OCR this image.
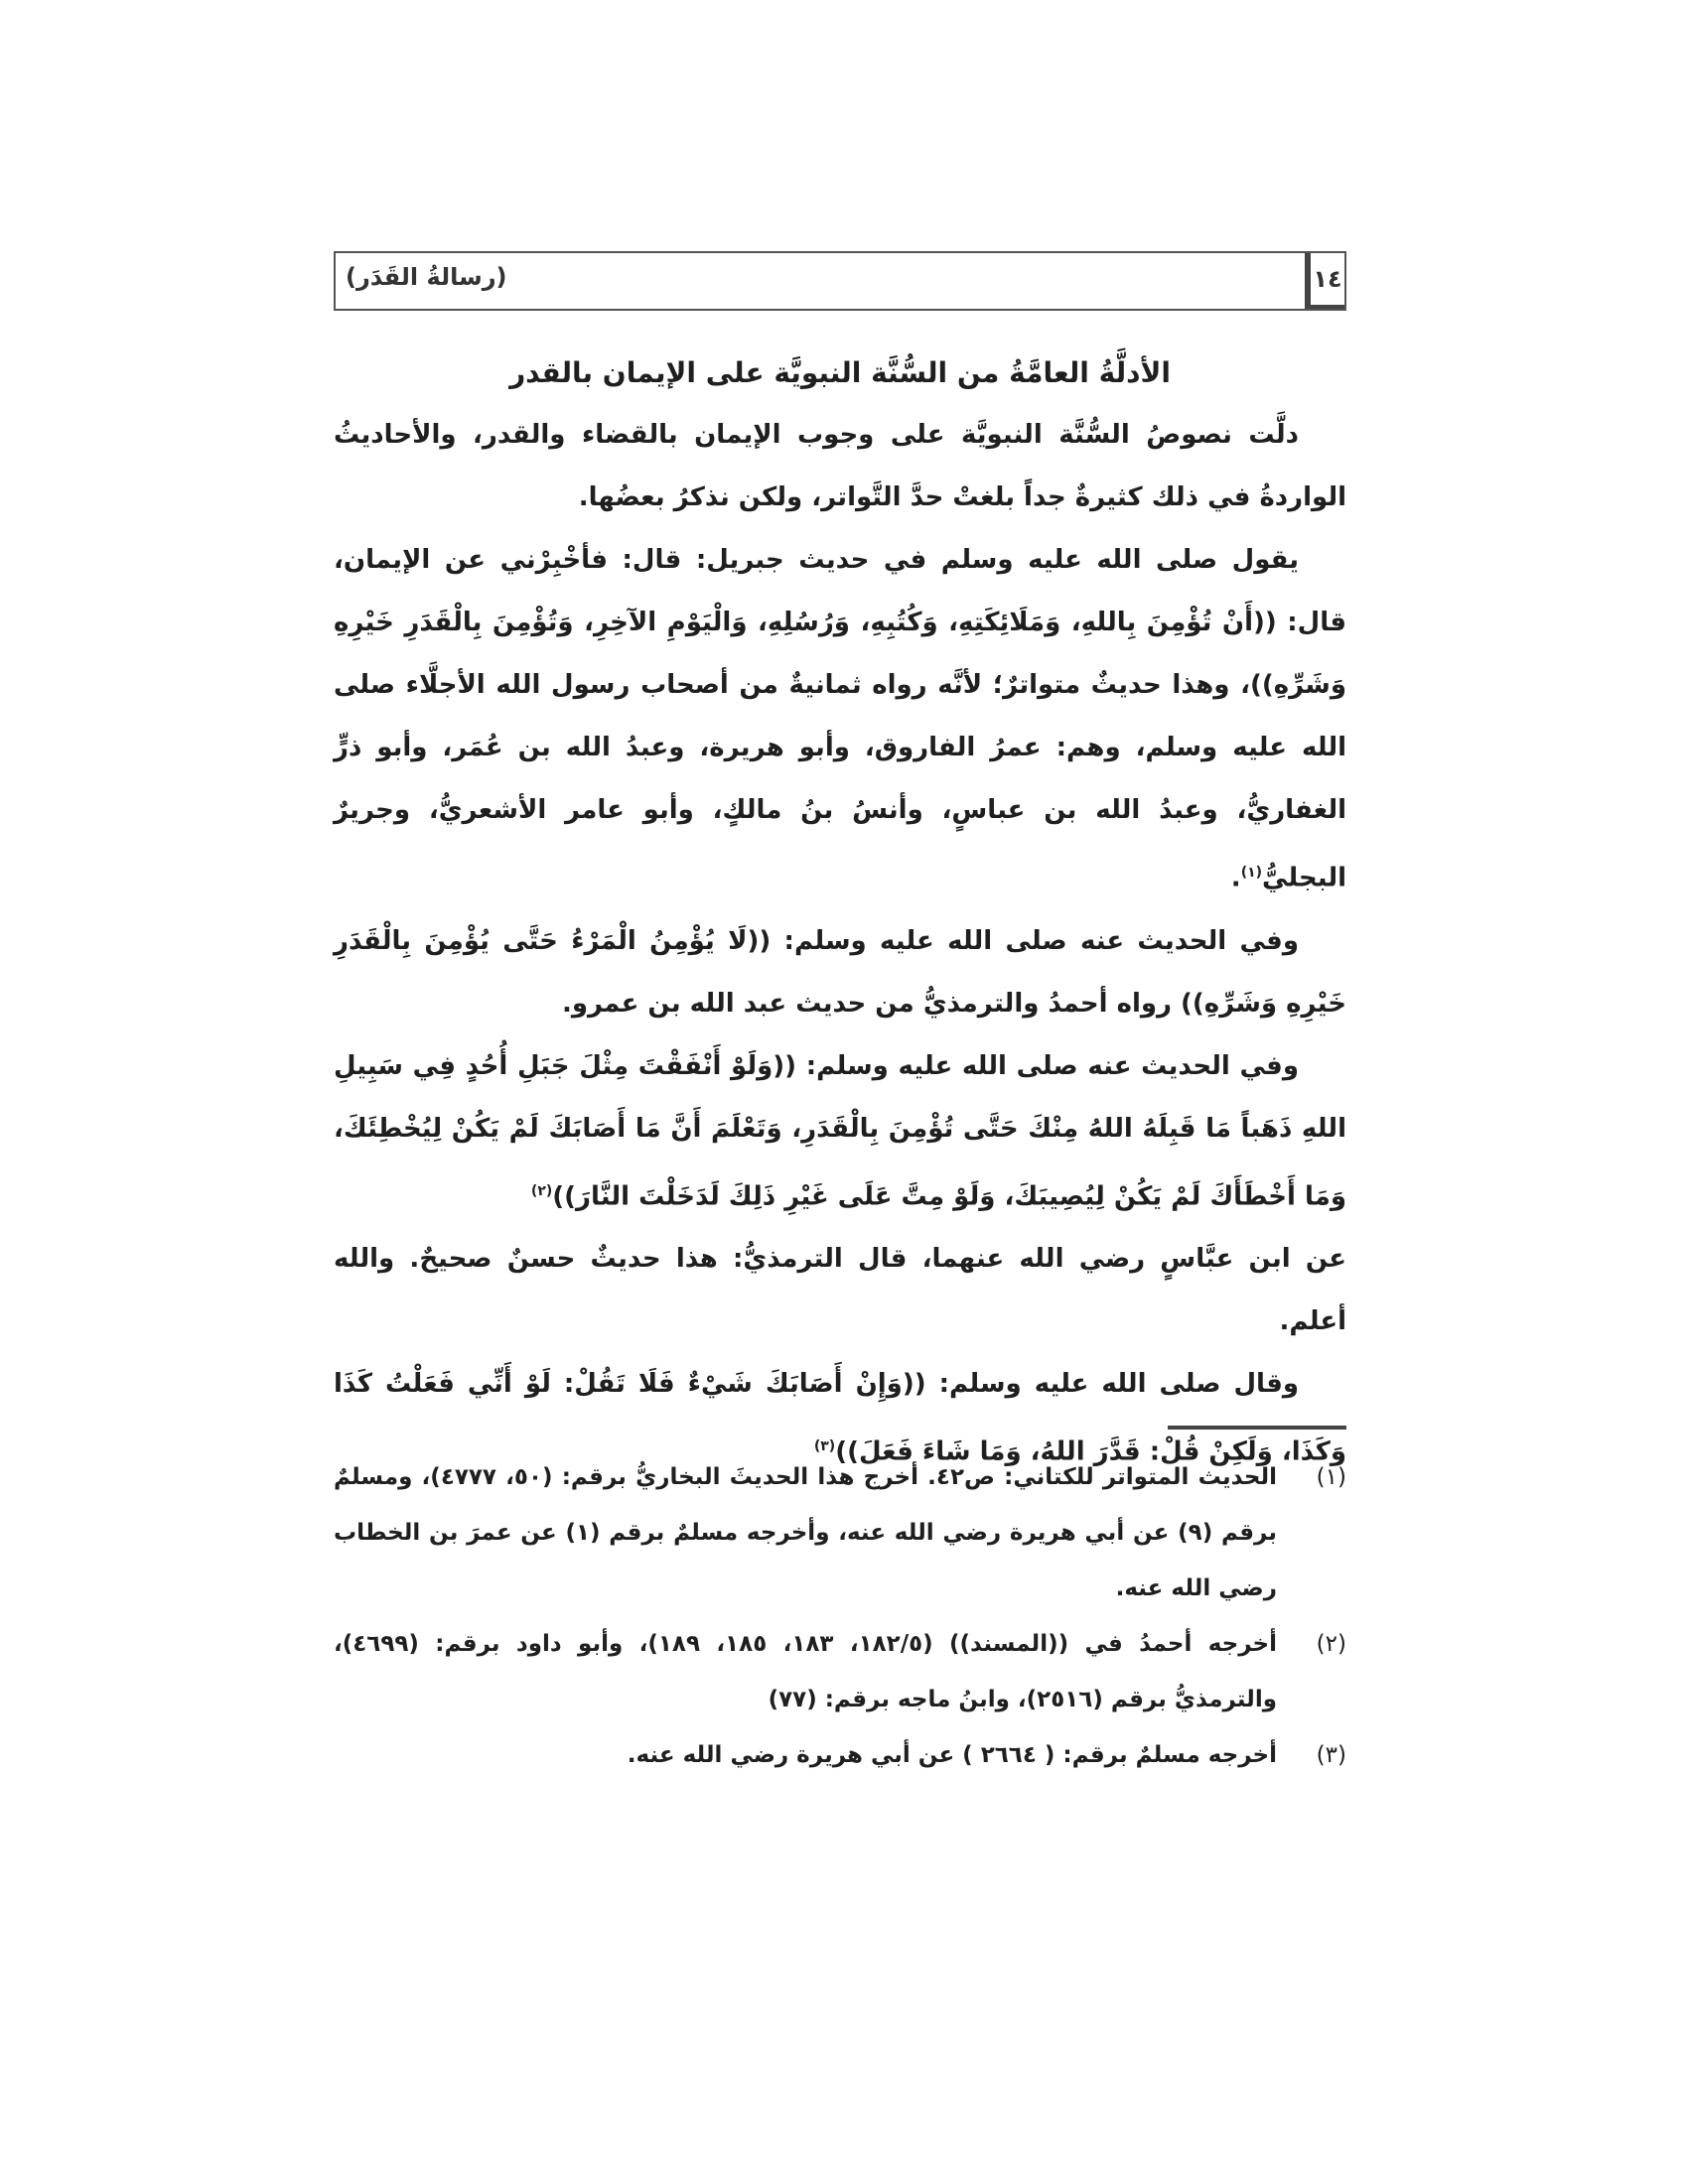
١٤
(رسالةُ القَدَر)
الأدلَّةُ العامَّةُ من السُّنَّة النبويَّة على الإيمان بالقدر

دلَّت نصوصُ السُّنَّة النبويَّة على وجوب الإيمان بالقضاء والقدر، والأحاديثُ الواردةُ في ذلك كثيرةٌ جداً بلغتْ حدَّ التَّواتر، ولكن نذكرُ بعضُها.

يقول صلى الله عليه وسلم في حديث جبريل: قال: فأخْبِرْني عن الإيمان، قال: ((أَنْ تُؤْمِنَ بِاللهِ، وَمَلَائِكَتِهِ، وَكُتُبِهِ، وَرُسُلِهِ، وَالْيَوْمِ الآخِرِ، وَتُؤْمِنَ بِالْقَدَرِ خَيْرِهِ وَشَرِّهِ))، وهذا حديثٌ متواترٌ؛ لأنَّه رواه ثمانيةٌ من أصحاب رسول الله الأجلَّاء صلى الله عليه وسلم، وهم: عمرُ الفاروق، وأبو هريرة، وعبدُ الله بن عُمَر، وأبو ذرٍّ الغفاريُّ، وعبدُ الله بن عباسٍ، وأنسُ بنُ مالكٍ، وأبو عامر الأشعريُّ، وجريرٌ البجليُّ$^{(١)}$.

وفي الحديث عنه صلى الله عليه وسلم: ((لَا يُؤْمِنُ الْمَرْءُ حَتَّى يُؤْمِنَ بِالْقَدَرِ خَيْرِهِ وَشَرِّهِ)) رواه أحمدُ والترمذيُّ من حديث عبد الله بن عمرو.

وفي الحديث عنه صلى الله عليه وسلم: ((وَلَوْ أَنْفَقْتَ مِثْلَ جَبَلِ أُحُدٍ فِي سَبِيلِ اللهِ ذَهَباً مَا قَبِلَهُ اللهُ مِنْكَ حَتَّى تُؤْمِنَ بِالْقَدَرِ، وَتَعْلَمَ أَنَّ مَا أَصَابَكَ لَمْ يَكُنْ لِيُخْطِئَكَ، وَمَا أَخْطَأَكَ لَمْ يَكُنْ لِيُصِيبَكَ، وَلَوْ مِتَّ عَلَى غَيْرِ ذَلِكَ لَدَخَلْتَ النَّارَ))$^{(٢)}$

عن ابن عبَّاسٍ رضي الله عنهما، قال الترمذيُّ: هذا حديثٌ حسنٌ صحيحٌ. والله أعلم.

وقال صلى الله عليه وسلم: ((وَإِنْ أَصَابَكَ شَيْءٌ فَلَا تَقُلْ: لَوْ أَنِّي فَعَلْتُ كَذَا وَكَذَا، وَلَكِنْ قُلْ: قَدَّرَ اللهُ، وَمَا شَاءَ فَعَلَ))$^{(٣)}$

(١)
الحديث المتواتر للكتاني: ص٤٢. أخرج هذا الحديثَ البخاريُّ برقم: (٥٠، ٤٧٧٧)، ومسلمٌ برقم (٩) عن أبي هريرة رضي الله عنه، وأخرجه مسلمٌ برقم (١) عن عمرَ بن الخطاب رضي الله عنه.
(٢)
أخرجه أحمدُ في ((المسند)) (١٨٢/٥، ١٨٣، ١٨٥، ١٨٩)، وأبو داود برقم: (٤٦٩٩)، والترمذيُّ برقم (٢٥١٦)، وابنُ ماجه برقم: (٧٧)
(٣)
أخرجه مسلمٌ برقم: ( ٢٦٦٤ ) عن أبي هريرة رضي الله عنه.
